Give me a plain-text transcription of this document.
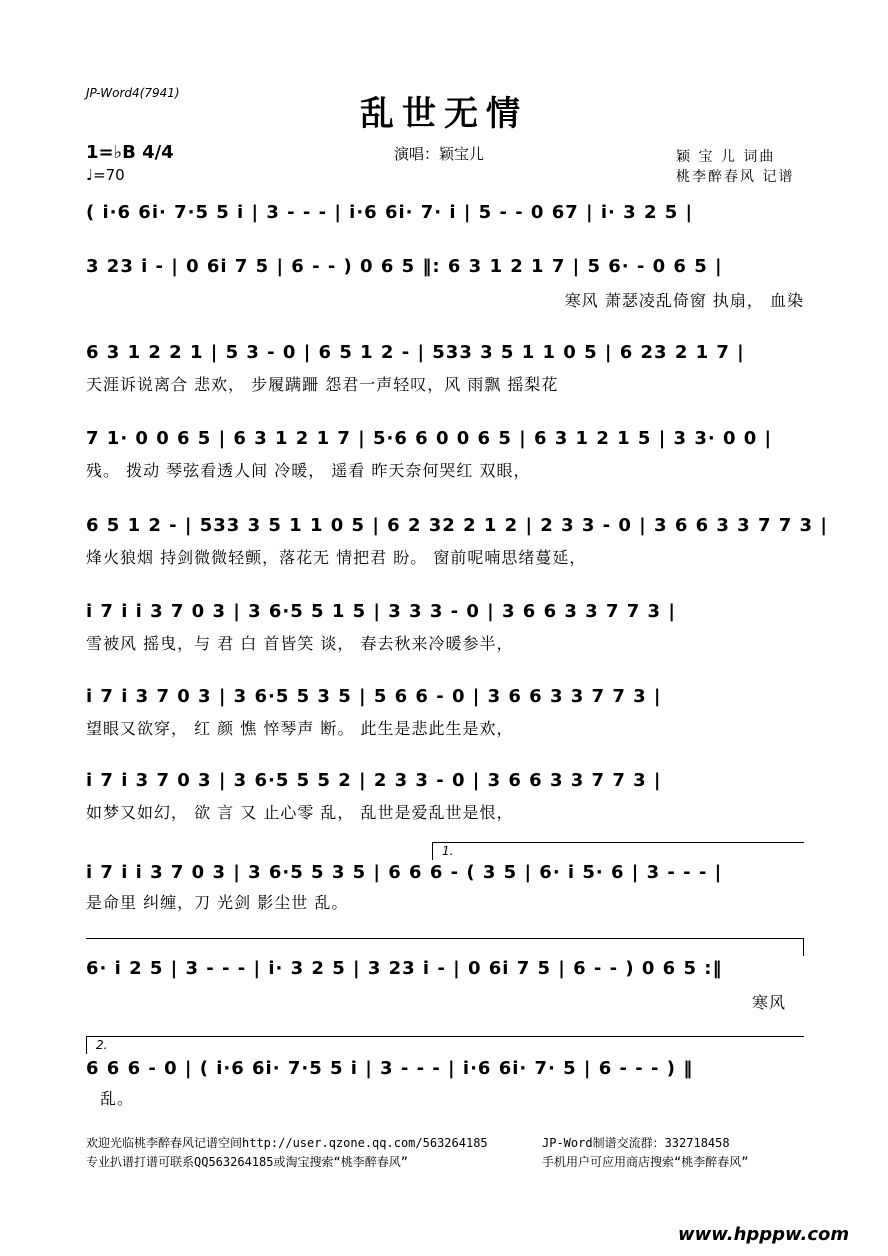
JP-Word4(7941)
乱世无情
1=♭B 4/4
♩=70
演唱：颖宝儿	颖 宝 儿 词曲
桃李醉春风 记谱
( i·6 6i· 7·5 5 i | 3 - - - | i·6 6i· 7· i | 5 - - 0 67 | i· 3 2 5 |
3 23 i - | 0 6i 7 5 | 6 - - ) 0 6 5 ‖: 6 3 1 2 1 7 | 5 6· - 0 6 5 |
寒风 萧瑟凌乱倚窗 执扇， 血染
6 3 1 2 2 1 | 5 3 - 0 | 6 5 1 2 - | 533 3 5 1 1 0 5 | 6 23 2 1 7 |
天涯诉说离合 悲欢， 步履蹒跚 怨君一声轻叹，风 雨飘 摇梨花
7 1· 0 0 6 5 | 6 3 1 2 1 7 | 5·6 6 0 0 6 5 | 6 3 1 2 1 5 | 3 3· 0 0 |
残。 拨动 琴弦看透人间 冷暖， 遥看 昨天奈何哭红 双眼，
6 5 1 2 - | 533 3 5 1 1 0 5 | 6 2 32 2 1 2 | 2 3 3 - 0 | 3 6 6 3 3 7 7 3 |
烽火狼烟 持剑微微轻颤，落花无 情把君 盼。 窗前呢喃思绪蔓延，
i 7 i i 3 7 0 3 | 3 6·5 5 1 5 | 3 3 3 - 0 | 3 6 6 3 3 7 7 3 |
雪被风 摇曳，与 君 白 首皆笑 谈， 春去秋来冷暖参半，
i 7 i 3 7 0 3 | 3 6·5 5 3 5 | 5 6 6 - 0 | 3 6 6 3 3 7 7 3 |
望眼又欲穿， 红 颜 憔 悴琴声 断。 此生是悲此生是欢，
i 7 i 3 7 0 3 | 3 6·5 5 5 2 | 2 3 3 - 0 | 3 6 6 3 3 7 7 3 |
如梦又如幻， 欲 言 又 止心零 乱， 乱世是爱乱世是恨，
1.
i 7 i i 3 7 0 3 | 3 6·5 5 3 5 | 6 6 6 - ( 3 5 | 6· i 5· 6 | 3 - - - |
是命里 纠缠，刀 光剑 影尘世 乱。
6· i 2 5 | 3 - - - | i· 3 2 5 | 3 23 i - | 0 6i 7 5 | 6 - - ) 0 6 5 :‖
寒风
2.
6 6 6 - 0 | ( i·6 6i· 7·5 5 i | 3 - - - | i·6 6i· 7· 5 | 6 - - - ) ‖
乱。
欢迎光临桃李醉春风记谱空间http://user.qzone.qq.com/563264185	JP-Word制谱交流群：332718458
专业扒谱打谱可联系QQ563264185或淘宝搜索“桃李醉春风”	手机用户可应用商店搜索“桃李醉春风”
www.hpppw.com
